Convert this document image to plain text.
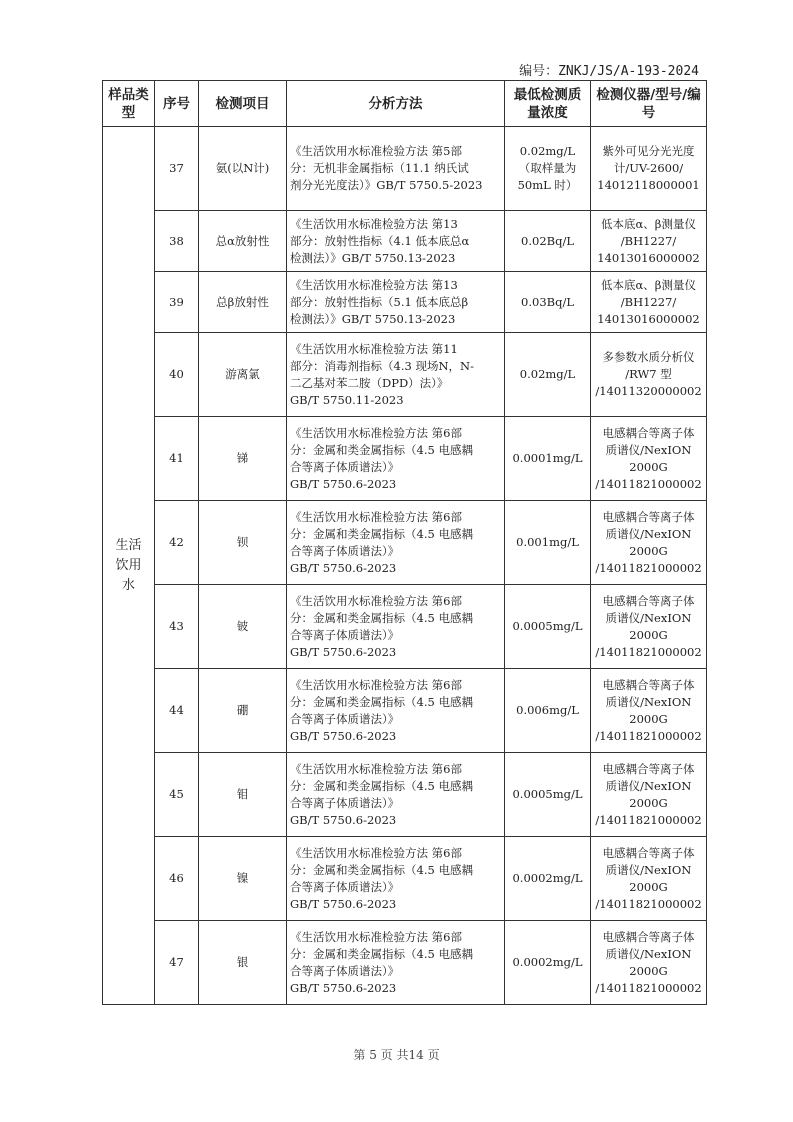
编号：ZNKJ/JS/A-193-2024
样品类型	序号	检测项目	分析方法	最低检测质量浓度	检测仪器/型号/编号

生活
饮用
水	37	氨(以N计)	《生活饮用水标准检验方法 第5部
分：无机非金属指标（11.1 纳氏试
剂分光光度法）》GB/T 5750.5-2023	0.02mg/L
（取样量为
50mL 时）	紫外可见分光光度
计/UV-2600/
14012118000001

	38	总α放射性	《生活饮用水标准检验方法 第13
部分：放射性指标（4.1 低本底总α
检测法）》GB/T 5750.13-2023	0.02Bq/L	低本底α、β测量仪
/BH1227/
14013016000002

	39	总β放射性	《生活饮用水标准检验方法 第13
部分：放射性指标（5.1 低本底总β
检测法）》GB/T 5750.13-2023	0.03Bq/L	低本底α、β测量仪
/BH1227/
14013016000002

	40	游离氯	《生活饮用水标准检验方法 第11
部分：消毒剂指标（4.3 现场N，N-
二乙基对苯二胺（DPD）法）》
GB/T 5750.11-2023	0.02mg/L	多参数水质分析仪
/RW7 型
/14011320000002

	41	锑	《生活饮用水标准检验方法 第6部
分：金属和类金属指标（4.5 电感耦
合等离子体质谱法）》
GB/T 5750.6-2023	0.0001mg/L	电感耦合等离子体
质谱仪/NexION
2000G
/14011821000002

	42	钡	《生活饮用水标准检验方法 第6部
分：金属和类金属指标（4.5 电感耦
合等离子体质谱法）》
GB/T 5750.6-2023	0.001mg/L	电感耦合等离子体
质谱仪/NexION
2000G
/14011821000002

	43	铍	《生活饮用水标准检验方法 第6部
分：金属和类金属指标（4.5 电感耦
合等离子体质谱法）》
GB/T 5750.6-2023	0.0005mg/L	电感耦合等离子体
质谱仪/NexION
2000G
/14011821000002

	44	硼	《生活饮用水标准检验方法 第6部
分：金属和类金属指标（4.5 电感耦
合等离子体质谱法）》
GB/T 5750.6-2023	0.006mg/L	电感耦合等离子体
质谱仪/NexION
2000G
/14011821000002

	45	钼	《生活饮用水标准检验方法 第6部
分：金属和类金属指标（4.5 电感耦
合等离子体质谱法）》
GB/T 5750.6-2023	0.0005mg/L	电感耦合等离子体
质谱仪/NexION
2000G
/14011821000002

	46	镍	《生活饮用水标准检验方法 第6部
分：金属和类金属指标（4.5 电感耦
合等离子体质谱法）》
GB/T 5750.6-2023	0.0002mg/L	电感耦合等离子体
质谱仪/NexION
2000G
/14011821000002

	47	银	《生活饮用水标准检验方法 第6部
分：金属和类金属指标（4.5 电感耦
合等离子体质谱法）》
GB/T 5750.6-2023	0.0002mg/L	电感耦合等离子体
质谱仪/NexION
2000G
/14011821000002
第 5 页 共14 页
